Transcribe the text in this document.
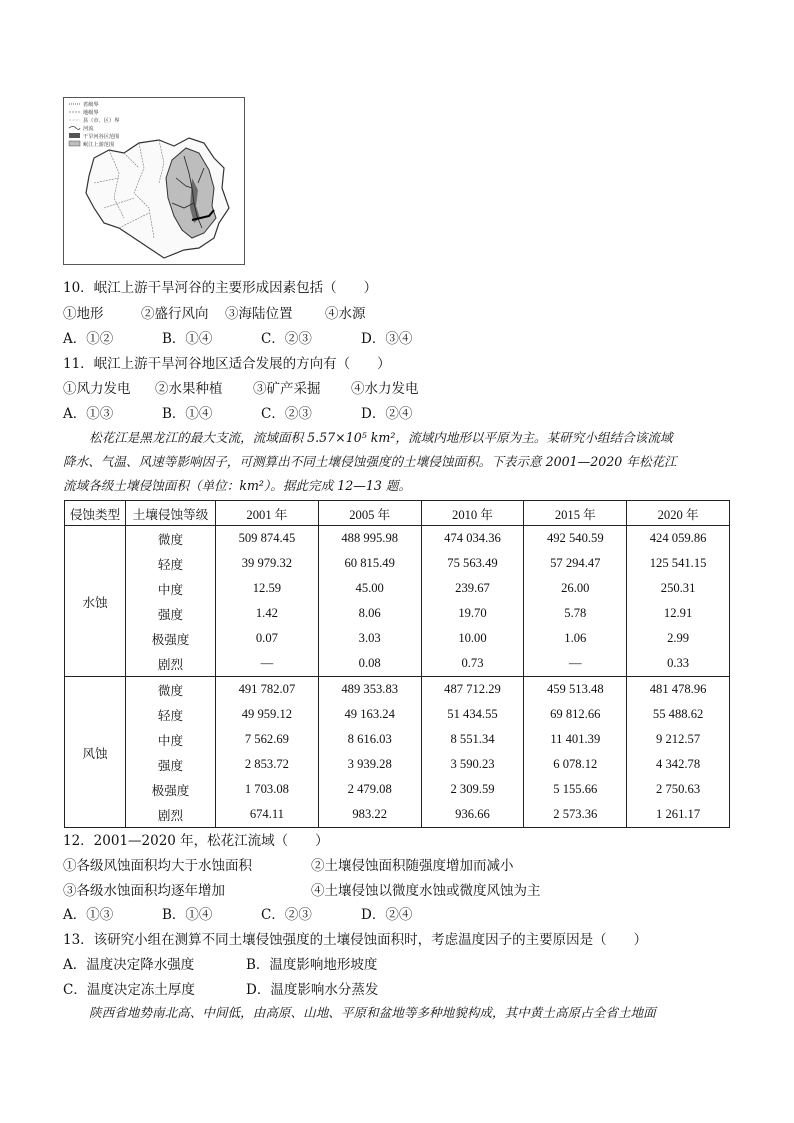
省级界
地级界
县（市、区）界
河流
干旱河谷区范围
岷江上游范围
10．岷江上游干旱河谷的主要形成因素包括（　　）
①地形	②盛行风向 ③海陆位置 ④水源
A．①②	B．①④	C．②③	D．③④
11．岷江上游干旱河谷地区适合发展的方向有（　　）
①风力发电 ②水果种植 ③矿产采掘 ④水力发电
A．①③	B．①④	C．②③	D．②④
松花江是黑龙江的最大支流，流域面积 5.57×10⁵ km²，流域内地形以平原为主。某研究小组结合该流域
降水、气温、风速等影响因子，可测算出不同土壤侵蚀强度的土壤侵蚀面积。下表示意 2001—2020 年松花江
流域各级土壤侵蚀面积（单位：km²）。据此完成 12—13 题。
侵蚀类型	土壤侵蚀等级	2001 年	2005 年	2010 年	2015 年	2020 年
水蚀	微度	509 874.45	488 995.98	474 034.36	492 540.59	424 059.86
	轻度	39 979.32	60 815.49	75 563.49	57 294.47	125 541.15
	中度	12.59	45.00	239.67	26.00	250.31
	强度	1.42	8.06	19.70	5.78	12.91
	极强度	0.07	3.03	10.00	1.06	2.99
	剧烈	—	0.08	0.73	—	0.33
风蚀	微度	491 782.07	489 353.83	487 712.29	459 513.48	481 478.96
	轻度	49 959.12	49 163.24	51 434.55	69 812.66	55 488.62
	中度	7 562.69	8 616.03	8 551.34	11 401.39	9 212.57
	强度	2 853.72	3 939.28	3 590.23	6 078.12	4 342.78
	极强度	1 703.08	2 479.08	2 309.59	5 155.66	2 750.63
	剧烈	674.11	983.22	936.66	2 573.36	1 261.17
12．2001—2020 年，松花江流域（　　）
①各级风蚀面积均大于水蚀面积	②土壤侵蚀面积随强度增加而减小
③各级水蚀面积均逐年增加	④土壤侵蚀以微度水蚀或微度风蚀为主
A．①③	B．①④	C．②③	D．②④
13．该研究小组在测算不同土壤侵蚀强度的土壤侵蚀面积时，考虑温度因子的主要原因是（　　）
A．温度决定降水强度	B．温度影响地形坡度
C．温度决定冻土厚度	D．温度影响水分蒸发
陕西省地势南北高、中间低，由高原、山地、平原和盆地等多种地貌构成，其中黄土高原占全省土地面
